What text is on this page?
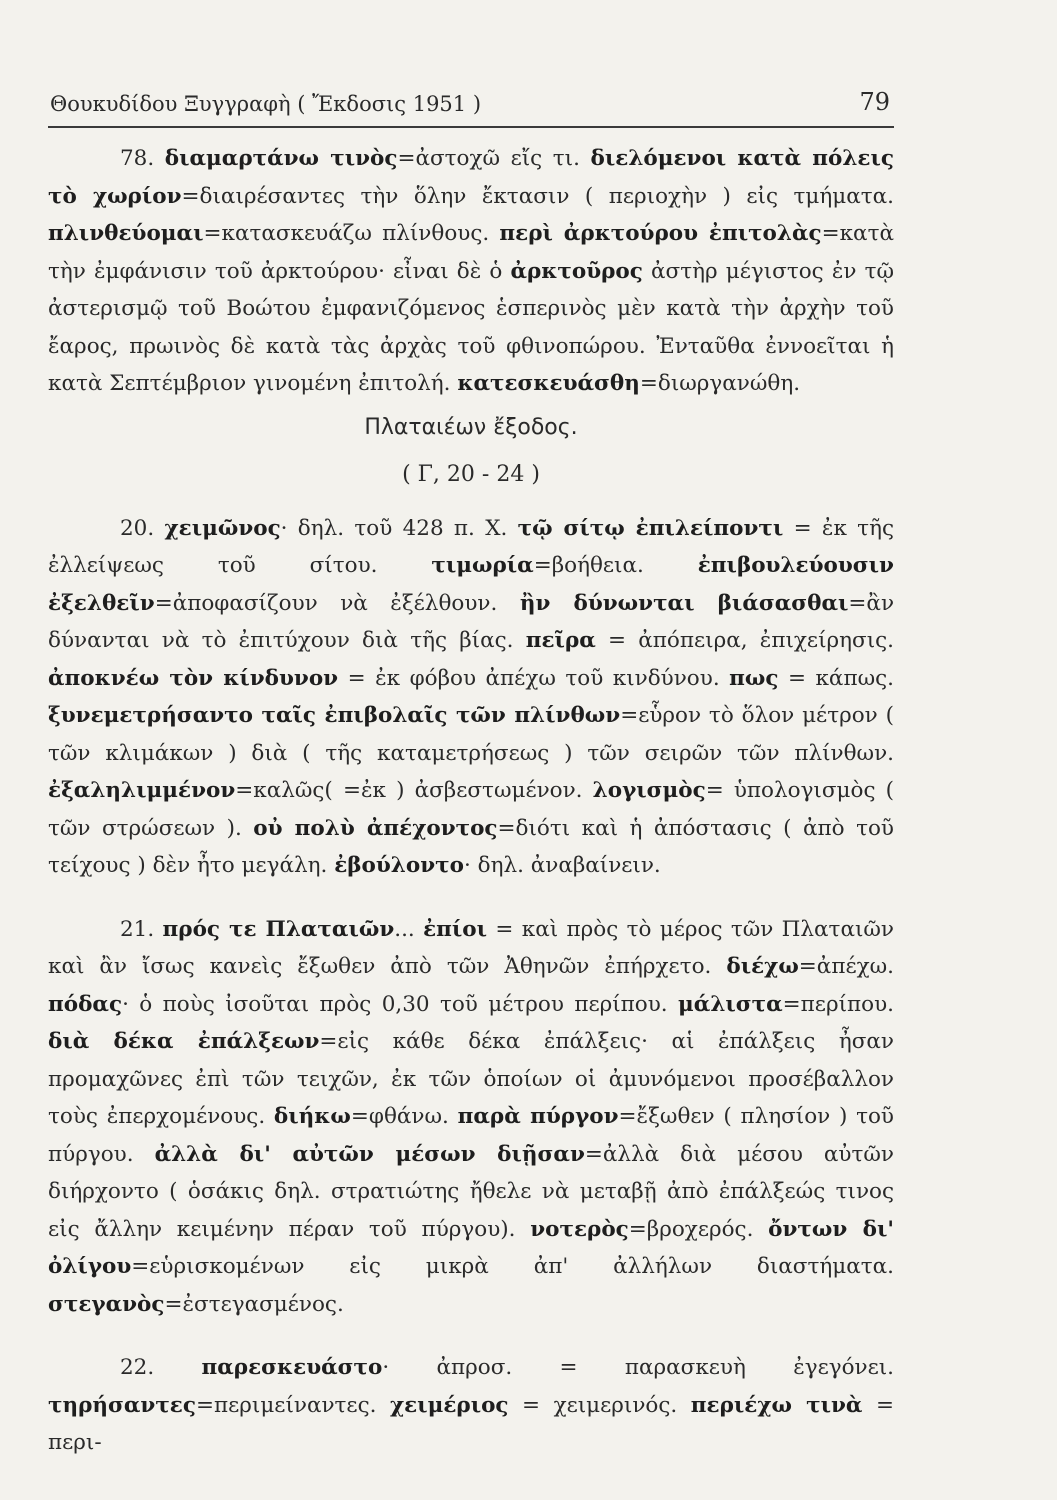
Θουκυδίδου Ξυγγραφὴ ( Ἔκδοσις 1951 )	79

78. διαμαρτάνω τινὸς=ἀστοχῶ εἴς τι. διελόμενοι κατὰ πόλεις τὸ χωρίον=διαιρέσαντες τὴν ὅλην ἔκτασιν ( περιοχὴν ) εἰς τμήματα. πλινθεύομαι=κατασκευάζω πλίνθους. περὶ ἀρκτούρου ἐπιτολὰς=κατὰ τὴν ἐμφάνισιν τοῦ ἀρκτούρου· εἶναι δὲ ὁ ἀρκτοῦρος ἀστὴρ μέγιστος ἐν τῷ ἀστερισμῷ τοῦ Βοώτου ἐμφανιζόμενος ἑσπερινὸς μὲν κατὰ τὴν ἀρχὴν τοῦ ἔαρος, πρωινὸς δὲ κατὰ τὰς ἀρχὰς τοῦ φθινοπώρου. Ἐνταῦθα ἐννοεῖται ἡ κατὰ Σεπτέμβριον γινομένη ἐπιτολή. κατεσκευάσθη=διωργανώθη.

Πλαταιέων ἔξοδος.
( Γ, 20 - 24 )

20. χειμῶνος· δηλ. τοῦ 428 π. Χ. τῷ σίτῳ ἐπιλείποντι = ἐκ τῆς ἐλλείψεως τοῦ σίτου. τιμωρία=βοήθεια. ἐπιβουλεύουσιν ἐξελθεῖν=ἀποφασίζουν νὰ ἐξέλθουν. ἢν δύνωνται βιάσασθαι=ἂν δύνανται νὰ τὸ ἐπιτύχουν διὰ τῆς βίας. πεῖρα = ἀπόπειρα, ἐπιχείρησις. ἀποκνέω τὸν κίνδυνον = ἐκ φόβου ἀπέχω τοῦ κινδύνου. πως = κάπως. ξυνεμετρήσαντο ταῖς ἐπιβολαῖς τῶν πλίνθων=εὗρον τὸ ὅλον μέτρον ( τῶν κλιμάκων ) διὰ ( τῆς καταμετρήσεως ) τῶν σειρῶν τῶν πλίνθων. ἐξαληλιμμένον=καλῶς( =ἐκ ) ἀσβεστωμένον. λογισμὸς= ὑπολογισμὸς ( τῶν στρώσεων ). οὐ πολὺ ἀπέχοντος=διότι καὶ ἡ ἀπόστασις ( ἀπὸ τοῦ τείχους ) δὲν ἦτο μεγάλη. ἐβούλοντο· δηλ. ἀναβαίνειν.

21. πρός τε Πλαταιῶν... ἐπίοι = καὶ πρὸς τὸ μέρος τῶν Πλαταιῶν καὶ ἂν ἴσως κανεὶς ἔξωθεν ἀπὸ τῶν Ἀθηνῶν ἐπήρχετο. διέχω=ἀπέχω. πόδας· ὁ ποὺς ἰσοῦται πρὸς 0,30 τοῦ μέτρου περίπου. μάλιστα=περίπου. διὰ δέκα ἐπάλξεων=εἰς κάθε δέκα ἐπάλξεις· αἱ ἐπάλξεις ἦσαν προμαχῶνες ἐπὶ τῶν τειχῶν, ἐκ τῶν ὁποίων οἱ ἀμυνόμενοι προσέβαλλον τοὺς ἐπερχομένους. διήκω=φθάνω. παρὰ πύργον=ἔξωθεν ( πλησίον ) τοῦ πύργου. ἀλλὰ δι' αὐτῶν μέσων διῇσαν=ἀλλὰ διὰ μέσου αὐτῶν διήρχοντο ( ὁσάκις δηλ. στρατιώτης ἤθελε νὰ μεταβῇ ἀπὸ ἐπάλξεώς τινος εἰς ἄλλην κειμένην πέραν τοῦ πύργου). νοτερὸς=βροχερός. ὄντων δι' ὀλίγου=εὑρισκομένων εἰς μικρὰ ἀπ' ἀλλήλων διαστήματα. στεγανὸς=ἐστεγασμένος.

22. παρεσκευάστο· ἀπροσ. = παρασκευὴ ἐγεγόνει. τηρήσαντες=περιμείναντες. χειμέριος = χειμερινός. περιέχω τινὰ = περι-
